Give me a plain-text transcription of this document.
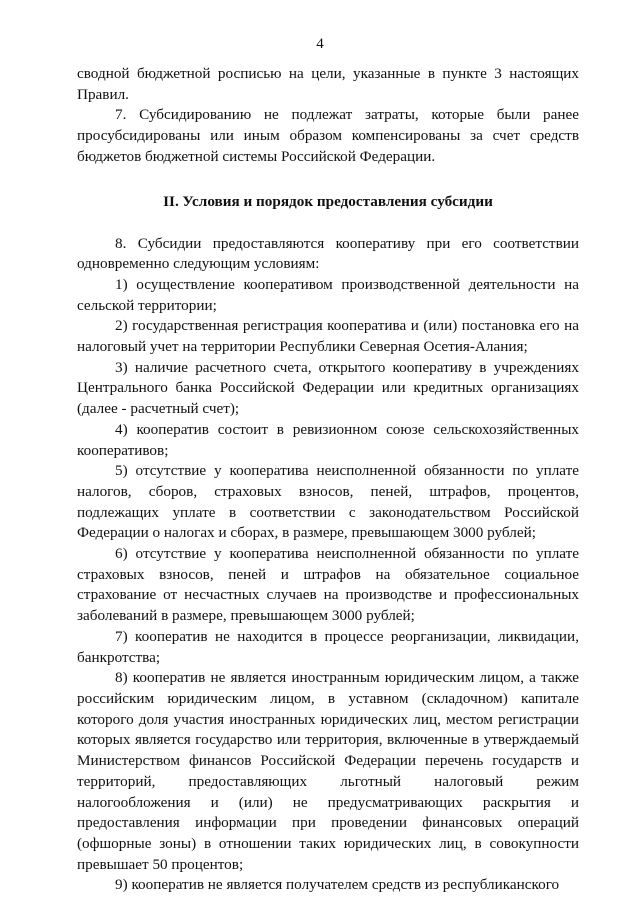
4

сводной бюджетной росписью на цели, указанные в пункте 3 настоящих Правил.

7. Субсидированию не подлежат затраты, которые были ранее просубсидированы или иным образом компенсированы за счет средств бюджетов бюджетной системы Российской Федерации.

II. Условия и порядок предоставления субсидии

8. Субсидии предоставляются кооперативу при его соответствии одновременно следующим условиям:

1) осуществление кооперативом производственной деятельности на сельской территории;

2) государственная регистрация кооператива и (или) постановка его на налоговый учет на территории Республики Северная Осетия-Алания;

3) наличие расчетного счета, открытого кооперативу в учреждениях Центрального банка Российской Федерации или кредитных организациях (далее - расчетный счет);

4) кооператив состоит в ревизионном союзе сельскохозяйственных кооперативов;

5) отсутствие у кооператива неисполненной обязанности по уплате налогов, сборов, страховых взносов, пеней, штрафов, процентов, подлежащих уплате в соответствии с законодательством Российской Федерации о налогах и сборах, в размере, превышающем 3000 рублей;

6) отсутствие у кооператива неисполненной обязанности по уплате страховых взносов, пеней и штрафов на обязательное социальное страхование от несчастных случаев на производстве и профессиональных заболеваний в размере, превышающем 3000 рублей;

7) кооператив не находится в процессе реорганизации, ликвидации, банкротства;

8) кооператив не является иностранным юридическим лицом, а также российским юридическим лицом, в уставном (складочном) капитале которого доля участия иностранных юридических лиц, местом регистрации которых является государство или территория, включенные в утверждаемый Министерством финансов Российской Федерации перечень государств и территорий, предоставляющих льготный налоговый режим налогообложения и (или) не предусматривающих раскрытия и предоставления информации при проведении финансовых операций (офшорные зоны) в отношении таких юридических лиц, в совокупности превышает 50 процентов;

9) кооператив не является получателем средств из республиканского
